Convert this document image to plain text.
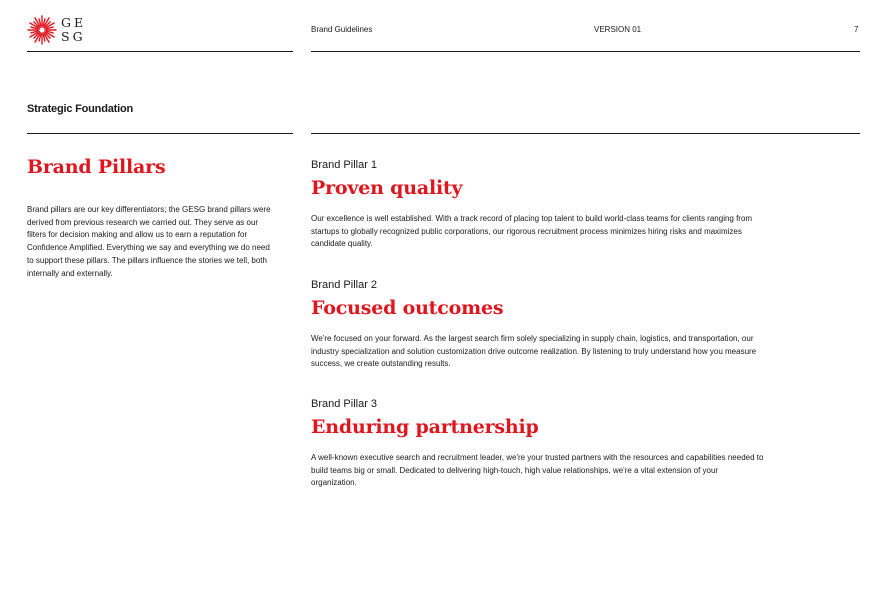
GE
SG	Brand Guidelines	VERSION 01	7
Strategic Foundation
Brand Pillars

Brand pillars are our key differentiators; the GESG brand pillars were derived from previous research we carried out. They serve as our filters for decision making and allow us to earn a reputation for Confidence Amplified. Everything we say and everything we do need to support these pillars. The pillars influence the stories we tell, both internally and externally.

Brand Pillar 1
Proven quality

Our excellence is well established. With a track record of placing top talent to build world-class teams for clients ranging from startups to globally recognized public corporations, our rigorous recruitment process minimizes hiring risks and maximizes candidate quality.

Brand Pillar 2
Focused outcomes

We're focused on your forward. As the largest search firm solely specializing in supply chain, logistics, and transportation, our industry specialization and solution customization drive outcome realization. By listening to truly understand how you measure success, we create outstanding results.

Brand Pillar 3
Enduring partnership

A well-known executive search and recruitment leader, we're your trusted partners with the resources and capabilities needed to build teams big or small. Dedicated to delivering high-touch, high value relationships, we're a vital extension of your organization.
